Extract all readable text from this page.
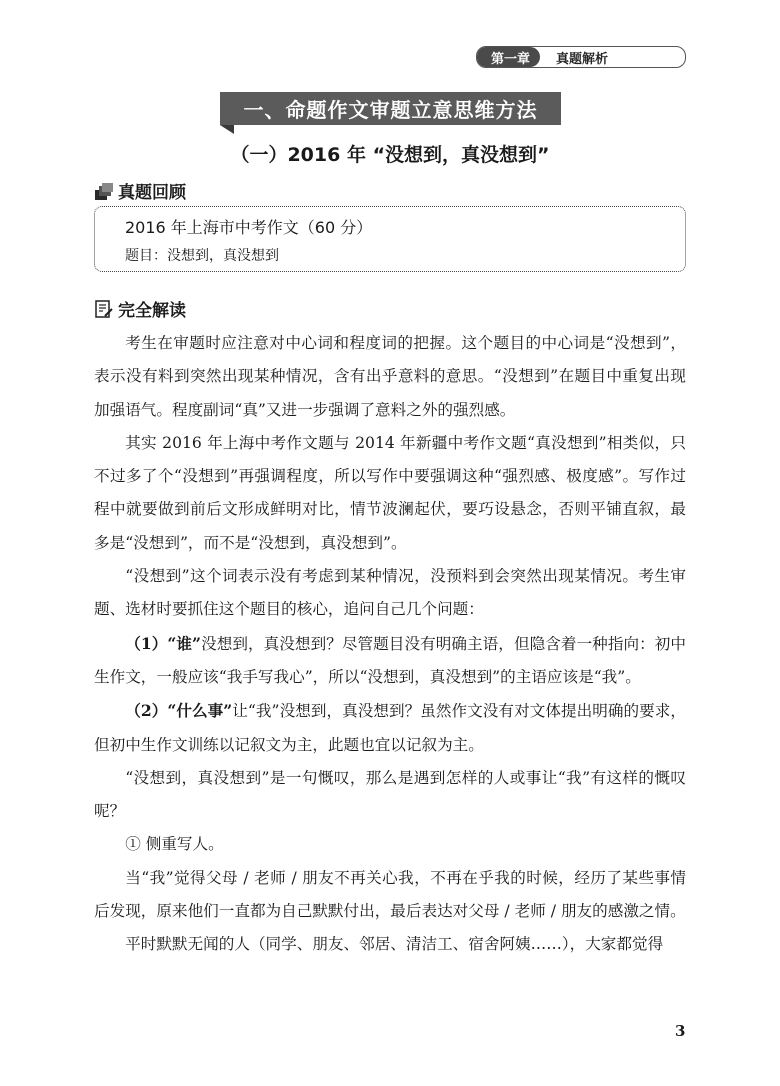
第一章	真题解析
一、命题作文审题立意思维方法
（一）2016 年 “没想到，真没想到”
真题回顾
2016 年上海市中考作文（60 分）
题目：没想到，真没想到
完全解读

考生在审题时应注意对中心词和程度词的把握。这个题目的中心词是“没想到”，表示没有料到突然出现某种情况，含有出乎意料的意思。“没想到”在题目中重复出现加强语气。程度副词“真”又进一步强调了意料之外的强烈感。

其实 2016 年上海中考作文题与 2014 年新疆中考作文题“真没想到”相类似，只不过多了个“没想到”再强调程度，所以写作中要强调这种“强烈感、极度感”。写作过程中就要做到前后文形成鲜明对比，情节波澜起伏，要巧设悬念，否则平铺直叙，最多是“没想到”，而不是“没想到，真没想到”。

“没想到”这个词表示没有考虑到某种情况，没预料到会突然出现某情况。考生审题、选材时要抓住这个题目的核心，追问自己几个问题：

（1）“谁”没想到，真没想到？尽管题目没有明确主语，但隐含着一种指向：初中生作文，一般应该“我手写我心”，所以“没想到，真没想到”的主语应该是“我”。

（2）“什么事”让“我”没想到，真没想到？虽然作文没有对文体提出明确的要求，但初中生作文训练以记叙文为主，此题也宜以记叙为主。

“没想到，真没想到”是一句慨叹，那么是遇到怎样的人或事让“我”有这样的慨叹呢？

① 侧重写人。

当“我”觉得父母 / 老师 / 朋友不再关心我，不再在乎我的时候，经历了某些事情后发现，原来他们一直都为自己默默付出，最后表达对父母 / 老师 / 朋友的感激之情。

平时默默无闻的人（同学、朋友、邻居、清洁工、宿舍阿姨……），大家都觉得

3
